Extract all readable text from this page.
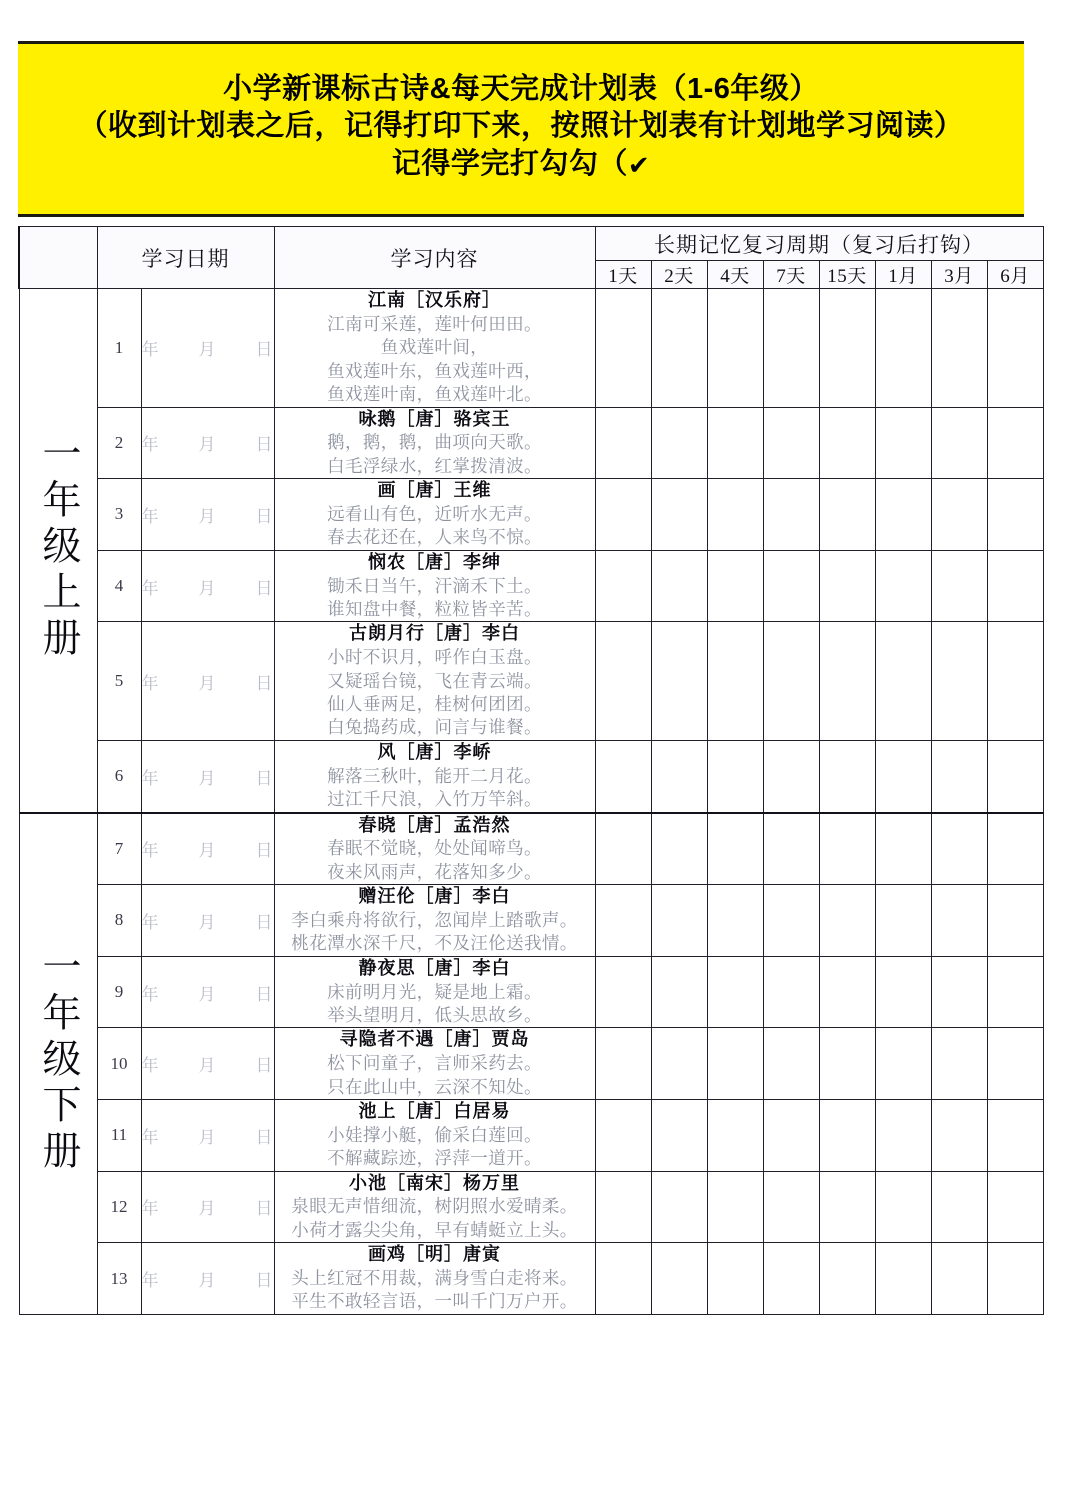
小学新课标古诗&每天完成计划表（1-6年级）
（收到计划表之后，记得打印下来，按照计划表有计划地学习阅读）
记得学完打勾勾（ ✔
	学习日期		学习内容	长期记忆复习周期（复习后打钩）							
				1天	2天	4天	7天	15天	1月	3月	6月
一年级上册	1	年 月 日

江南［汉乐府］
江南可采莲，莲叶何田田。
鱼戏莲叶间，
鱼戏莲叶东，鱼戏莲叶西，
鱼戏莲叶南，鱼戏莲叶北。

2	年 月 日

咏鹅［唐］骆宾王
鹅，鹅，鹅，曲项向天歌。
白毛浮绿水，红掌拨清波。

3	年 月 日

画［唐］王维
远看山有色，近听水无声。
春去花还在，人来鸟不惊。

4	年 月 日

悯农［唐］李绅
锄禾日当午，汗滴禾下土。
谁知盘中餐，粒粒皆辛苦。

5	年 月 日

古朗月行［唐］李白
小时不识月，呼作白玉盘。
又疑瑶台镜，飞在青云端。
仙人垂两足，桂树何团团。
白兔捣药成，问言与谁餐。

6	年 月 日

风［唐］李峤
解落三秋叶，能开二月花。
过江千尺浪，入竹万竿斜。

一年级下册	7	年 月 日

春晓［唐］孟浩然
春眠不觉晓，处处闻啼鸟。
夜来风雨声，花落知多少。

8	年 月 日

赠汪伦［唐］李白
李白乘舟将欲行，忽闻岸上踏歌声。
桃花潭水深千尺，不及汪伦送我情。

9	年 月 日

静夜思［唐］李白
床前明月光，疑是地上霜。
举头望明月，低头思故乡。

10	年 月 日

寻隐者不遇［唐］贾岛
松下问童子，言师采药去。
只在此山中，云深不知处。

11	年 月 日

池上［唐］白居易
小娃撑小艇，偷采白莲回。
不解藏踪迹，浮萍一道开。

12	年 月 日

小池［南宋］杨万里
泉眼无声惜细流，树阴照水爱晴柔。
小荷才露尖尖角，早有蜻蜓立上头。

13	年 月 日

画鸡［明］唐寅
头上红冠不用裁，满身雪白走将来。
平生不敢轻言语，一叫千门万户开。
